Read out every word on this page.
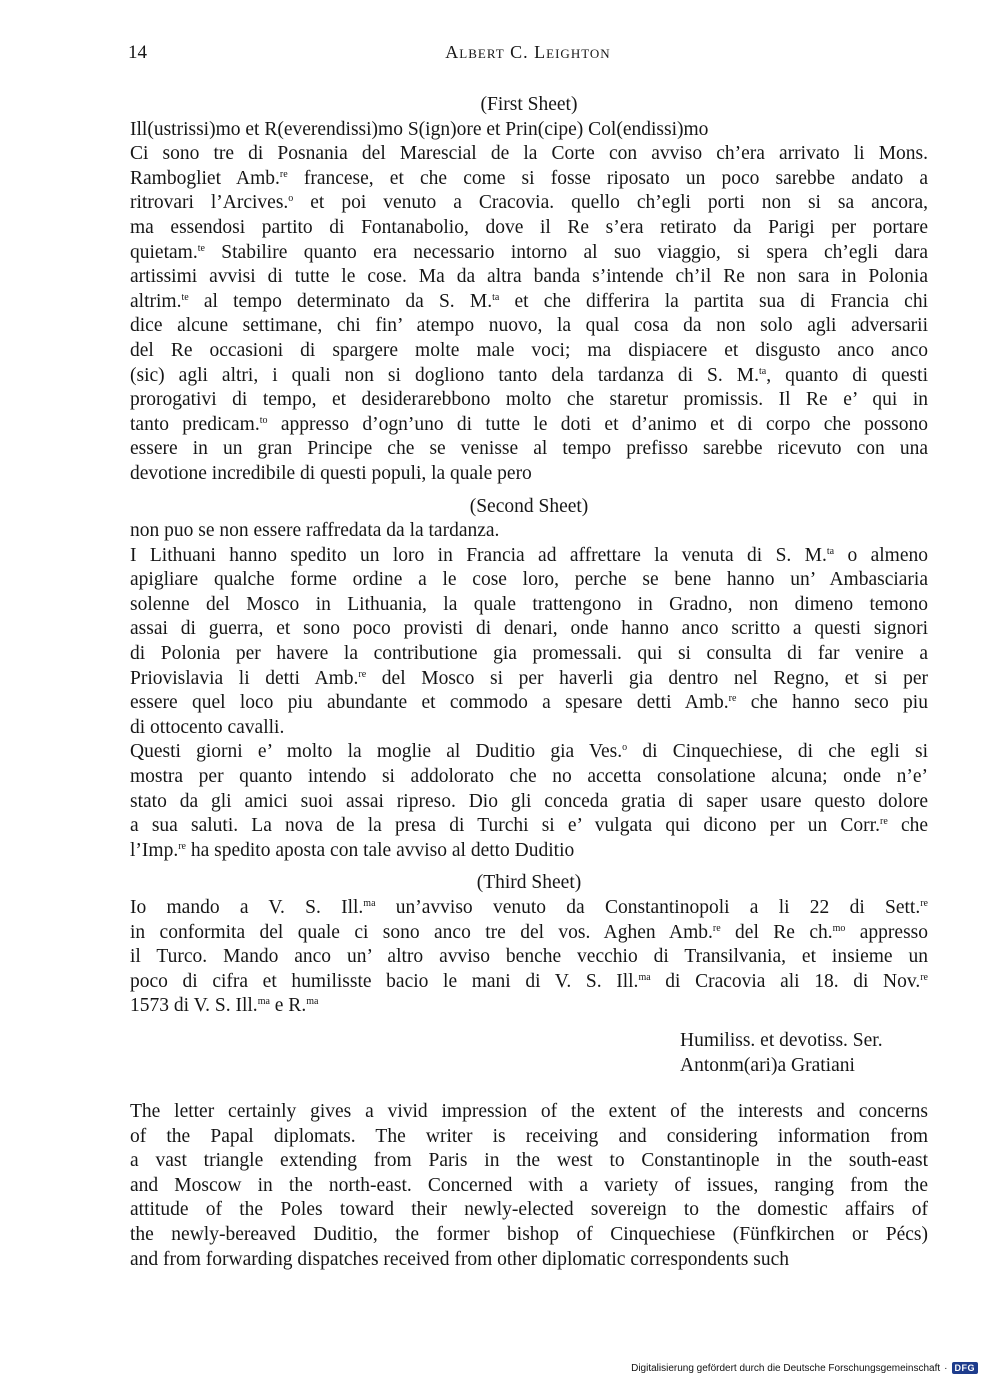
14	Albert C. Leighton
(First Sheet)
Ill(ustrissi)mo et R(everendissi)mo S(ign)ore et Prin(cipe) Col(endissi)mo
Ci sono tre di Posnania del Marescial de la Corte con avviso ch’era arrivato li Mons.
Rambogliet Amb.$^{re}$ francese, et che come si fosse riposato un poco sarebbe andato a
ritrovari l’Arcives.$^o$ et poi venuto a Cracovia. quello ch’egli porti non si sa ancora,
ma essendosi partito di Fontanabolio, dove il Re s’era retirato da Parigi per portare
quietam.$^{te}$ Stabilire quanto era necessario intorno al suo viaggio, si spera ch’egli dara
artissimi avvisi di tutte le cose. Ma da altra banda s’intende ch’il Re non sara in Polonia
altrim.$^{te}$ al tempo determinato da S. M.$^{ta}$ et che differira la partita sua di Francia chi
dice alcune settimane, chi fin’ atempo nuovo, la qual cosa da non solo agli adversarii
del Re occasioni di spargere molte male voci; ma dispiacere et disgusto anco anco
(sic) agli altri, i quali non si dogliono tanto dela tardanza di S. M.$^{ta}$, quanto di questi
prorogativi di tempo, et desiderarebbono molto che staretur promissis. Il Re e’ qui in
tanto predicam.$^{to}$ appresso d’ogn’uno di tutte le doti et d’animo et di corpo che possono
essere in un gran Principe che se venisse al tempo prefisso sarebbe ricevuto con una
devotione incredibile di questi populi, la quale pero
(Second Sheet)
non puo se non essere raffredata da la tardanza.
I Lithuani hanno spedito un loro in Francia ad affrettare la venuta di S. M.$^{ta}$ o almeno
apigliare qualche forme ordine a le cose loro, perche se bene hanno un’ Ambasciaria
solenne del Mosco in Lithuania, la quale trattengono in Gradno, non dimeno temono
assai di guerra, et sono poco provisti di denari, onde hanno anco scritto a questi signori
di Polonia per havere la contributione gia promessali. qui si consulta di far venire a
Priovislavia li detti Amb.$^{re}$ del Mosco si per haverli gia dentro nel Regno, et si per
essere quel loco piu abundante et commodo a spesare detti Amb.$^{re}$ che hanno seco piu
di ottocento cavalli.
Questi giorni e’ molto la moglie al Duditio gia Ves.$^o$ di Cinquechiese, di che egli si
mostra per quanto intendo si addolorato che no accetta consolatione alcuna; onde n’e’
stato da gli amici suoi assai ripreso. Dio gli conceda gratia di saper usare questo dolore
a sua saluti. La nova de la presa di Turchi si e’ vulgata qui dicono per un Corr.$^{re}$ che
l’Imp.$^{re}$ ha spedito aposta con tale avviso al detto Duditio
(Third Sheet)
Io mando a V. S. Ill.$^{ma}$ un’avviso venuto da Constantinopoli a li 22 di Sett.$^{re}$
in conformita del quale ci sono anco tre del vos. Aghen Amb.$^{re}$ del Re ch.$^{mo}$ appresso
il Turco. Mando anco un’ altro avviso benche vecchio di Transilvania, et insieme un
poco di cifra et humilisste bacio le mani di V. S. Ill.$^{ma}$ di Cracovia ali 18. di Nov.$^{re}$
1573 di V. S. Ill.$^{ma}$ e R.$^{ma}$
Humiliss. et devotiss. Ser.
Antonm(ari)a Gratiani
The letter certainly gives a vivid impression of the extent of the interests and concerns
of the Papal diplomats. The writer is receiving and considering information from
a vast triangle extending from Paris in the west to Constantinople in the south-east
and Moscow in the north-east. Concerned with a variety of issues, ranging from the
attitude of the Poles toward their newly-elected sovereign to the domestic affairs of
the newly-bereaved Duditio, the former bishop of Cinquechiese (Fünfkirchen or Pécs)
and from forwarding dispatches received from other diplomatic correspondents such
Digitalisierung gefördert durch die Deutsche Forschungsgemeinschaft · DFG
